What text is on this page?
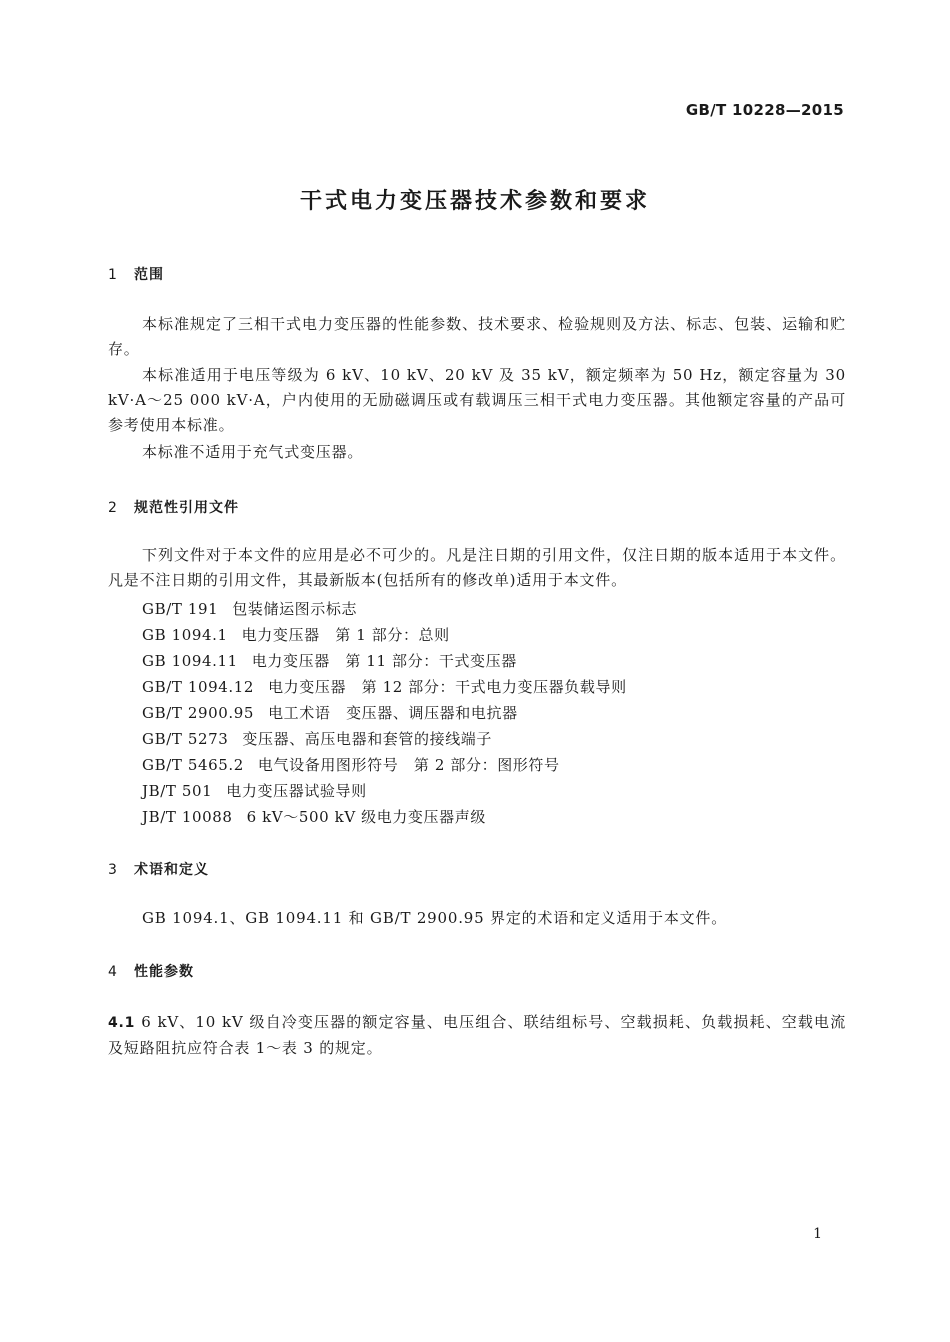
GB/T 10228—2015
干式电力变压器技术参数和要求
1 范围
本标准规定了三相干式电力变压器的性能参数、技术要求、检验规则及方法、标志、包装、运输和贮存。
本标准适用于电压等级为 6 kV、10 kV、20 kV 及 35 kV，额定频率为 50 Hz，额定容量为 30 kV·A～25 000 kV·A，户内使用的无励磁调压或有载调压三相干式电力变压器。其他额定容量的产品可参考使用本标准。
本标准不适用于充气式变压器。
2 规范性引用文件
下列文件对于本文件的应用是必不可少的。凡是注日期的引用文件，仅注日期的版本适用于本文件。凡是不注日期的引用文件，其最新版本(包括所有的修改单)适用于本文件。
GB/T 191 包装储运图示标志
GB 1094.1 电力变压器　第 1 部分：总则
GB 1094.11 电力变压器　第 11 部分：干式变压器
GB/T 1094.12 电力变压器　第 12 部分：干式电力变压器负载导则
GB/T 2900.95 电工术语　变压器、调压器和电抗器
GB/T 5273 变压器、高压电器和套管的接线端子
GB/T 5465.2 电气设备用图形符号　第 2 部分：图形符号
JB/T 501 电力变压器试验导则
JB/T 10088 6 kV～500 kV 级电力变压器声级
3 术语和定义
GB 1094.1、GB 1094.11 和 GB/T 2900.95 界定的术语和定义适用于本文件。
4 性能参数
4.1 6 kV、10 kV 级自冷变压器的额定容量、电压组合、联结组标号、空载损耗、负载损耗、空载电流及短路阻抗应符合表 1～表 3 的规定。
1
